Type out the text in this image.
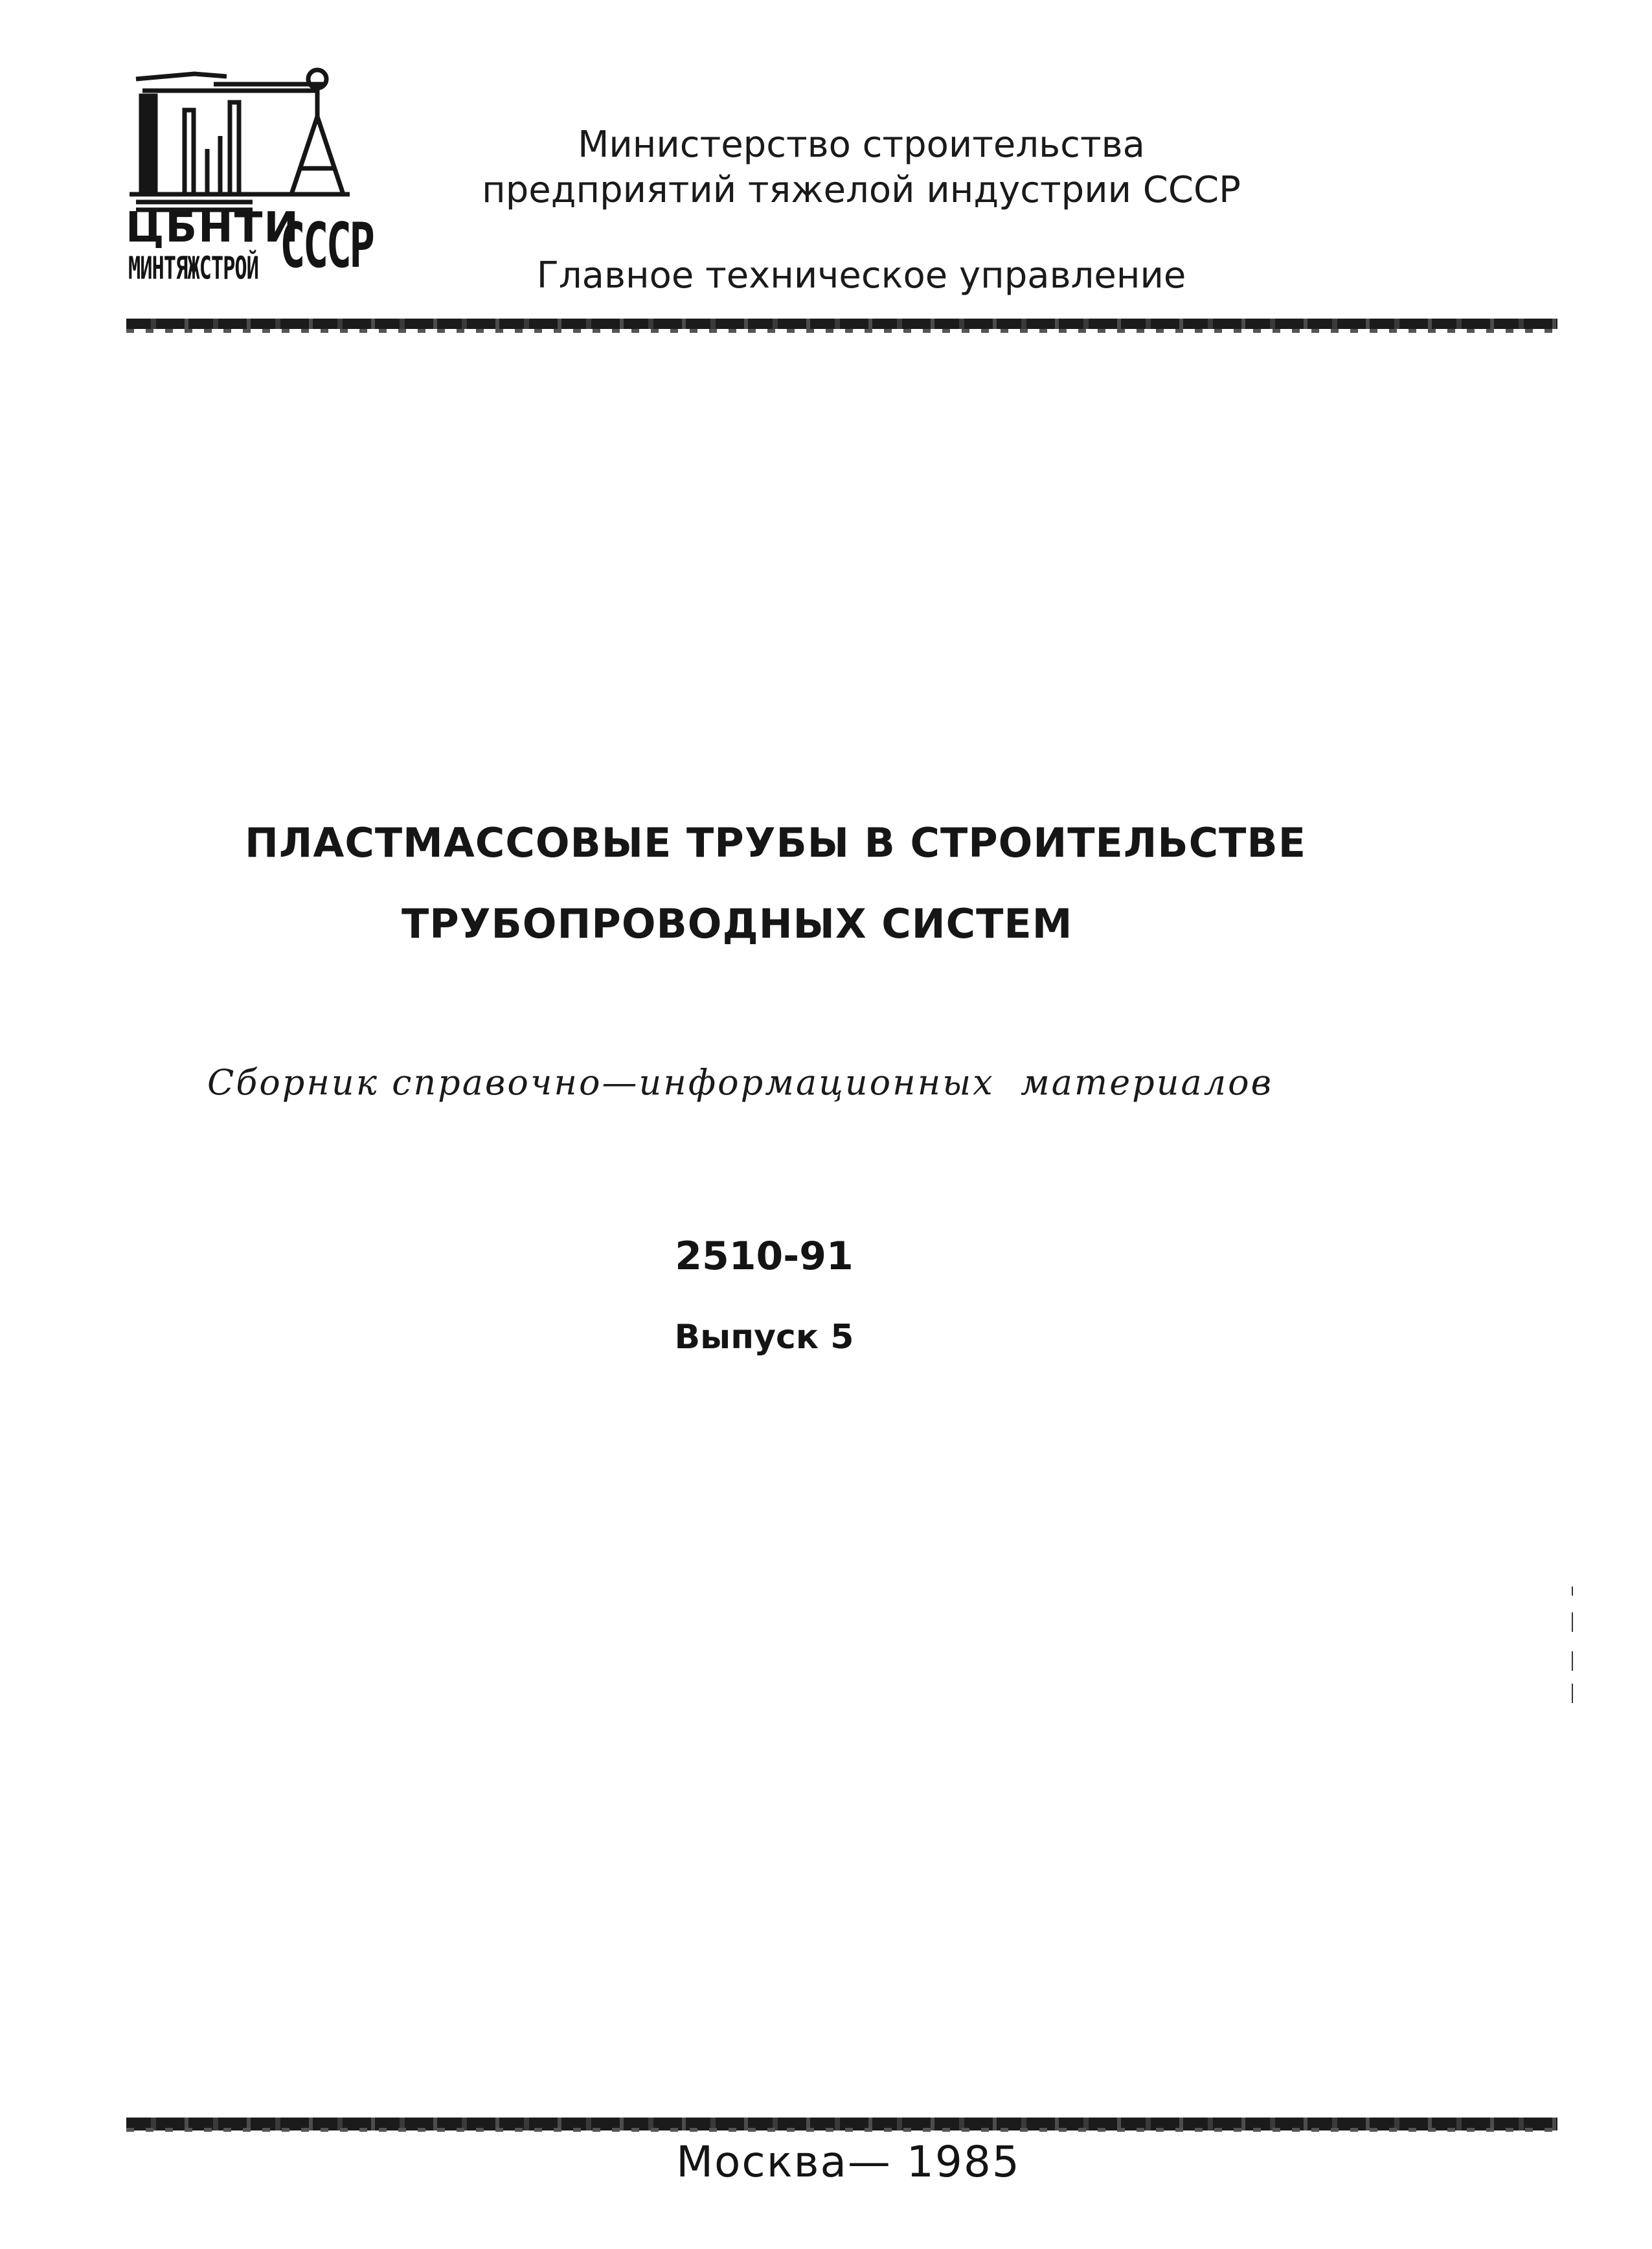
ЦБНТИ
МИНТЯЖСТРОЙ СССР
Министерство строительства
предприятий тяжелой индустрии СССР
Главное техническое управление
ПЛАСТМАССОВЫЕ ТРУБЫ В СТРОИТЕЛЬСТВЕ
ТРУБОПРОВОДНЫХ СИСТЕМ
Сборник справочно—информационных  материалов
2510-91
Выпуск 5
Москва— 1985
